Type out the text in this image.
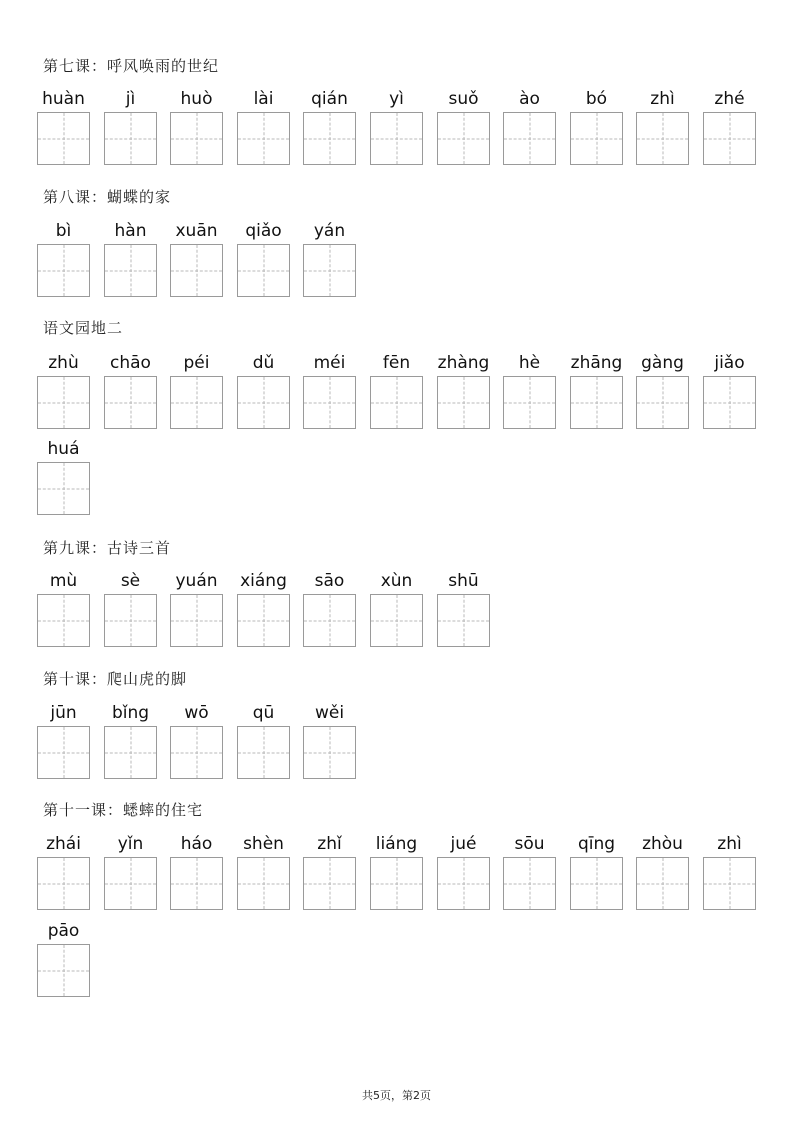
第七课：呼风唤雨的世纪
huàn	jì	huò	lài	qián	yì	suǒ	ào	bó	zhì	zhé
第八课：蝴蝶的家
bì	hàn	xuān	qiǎo	yán
语文园地二
zhù	chāo	péi	dǔ	méi	fēn	zhàng	hè	zhāng	gàng	jiǎo
huá
第九课：古诗三首
mù	sè	yuán	xiáng	sāo	xùn	shū
第十课：爬山虎的脚
jūn	bǐng	wō	qū	wěi
第十一课：蟋蟀的住宅
zhái	yǐn	háo	shèn	zhǐ	liáng	jué	sōu	qīng	zhòu	zhì
pāo
共5页，第2页
